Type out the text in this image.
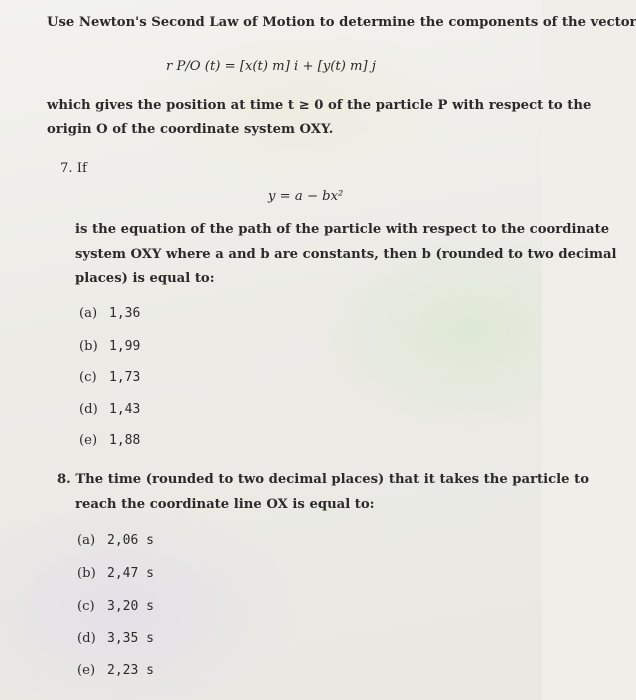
Use Newton's Second Law of Motion to determine the components of the vector
r P/O (t) = [x(t) m] i + [y(t) m] j
which gives the position at time t ≥ 0 of the particle P with respect to the
origin O of the coordinate system OXY.
7. If
y = a − bx²
is the equation of the path of the particle with respect to the coordinate
system OXY where a and b are constants, then b (rounded to two decimal
places) is equal to:
(a) 1,36
(b) 1,99
(c) 1,73
(d) 1,43
(e) 1,88
8. The time (rounded to two decimal places) that it takes the particle to
reach the coordinate line OX is equal to:
(a) 2,06 s
(b) 2,47 s
(c) 3,20 s
(d) 3,35 s
(e) 2,23 s
